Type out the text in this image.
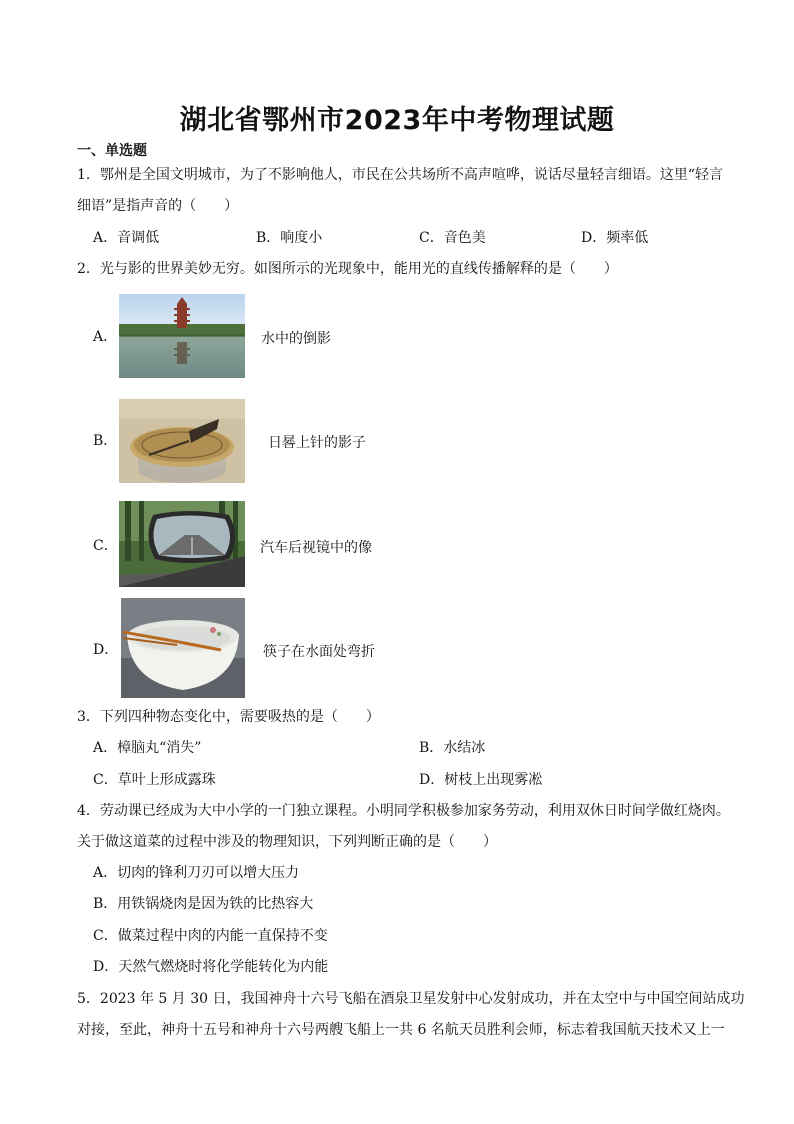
湖北省鄂州市2023年中考物理试题
一、单选题
1．鄂州是全国文明城市，为了不影响他人，市民在公共场所不高声喧哗，说话尽量轻言细语。这里“轻言
细语”是指声音的（　　）
A．音调低	B．响度小	C．音色美	D．频率低
2．光与影的世界美妙无穷。如图所示的光现象中，能用光的直线传播解释的是（　　）
A．	水中的倒影
B．	日晷上针的影子
C．	汽车后视镜中的像
D．	筷子在水面处弯折
3．下列四种物态变化中，需要吸热的是（　　）
A．樟脑丸“消失”	B．水结冰
C．草叶上形成露珠	D．树枝上出现雾凇
4．劳动课已经成为大中小学的一门独立课程。小明同学积极参加家务劳动，利用双休日时间学做红烧肉。
关于做这道菜的过程中涉及的物理知识，下列判断正确的是（　　）
A．切肉的锋利刀刃可以增大压力
B．用铁锅烧肉是因为铁的比热容大
C．做菜过程中肉的内能一直保持不变
D．天然气燃烧时将化学能转化为内能
5．2023 年 5 月 30 日，我国神舟十六号飞船在酒泉卫星发射中心发射成功，并在太空中与中国空间站成功
对接，至此，神舟十五号和神舟十六号两艘飞船上一共 6 名航天员胜利会师，标志着我国航天技术又上一
